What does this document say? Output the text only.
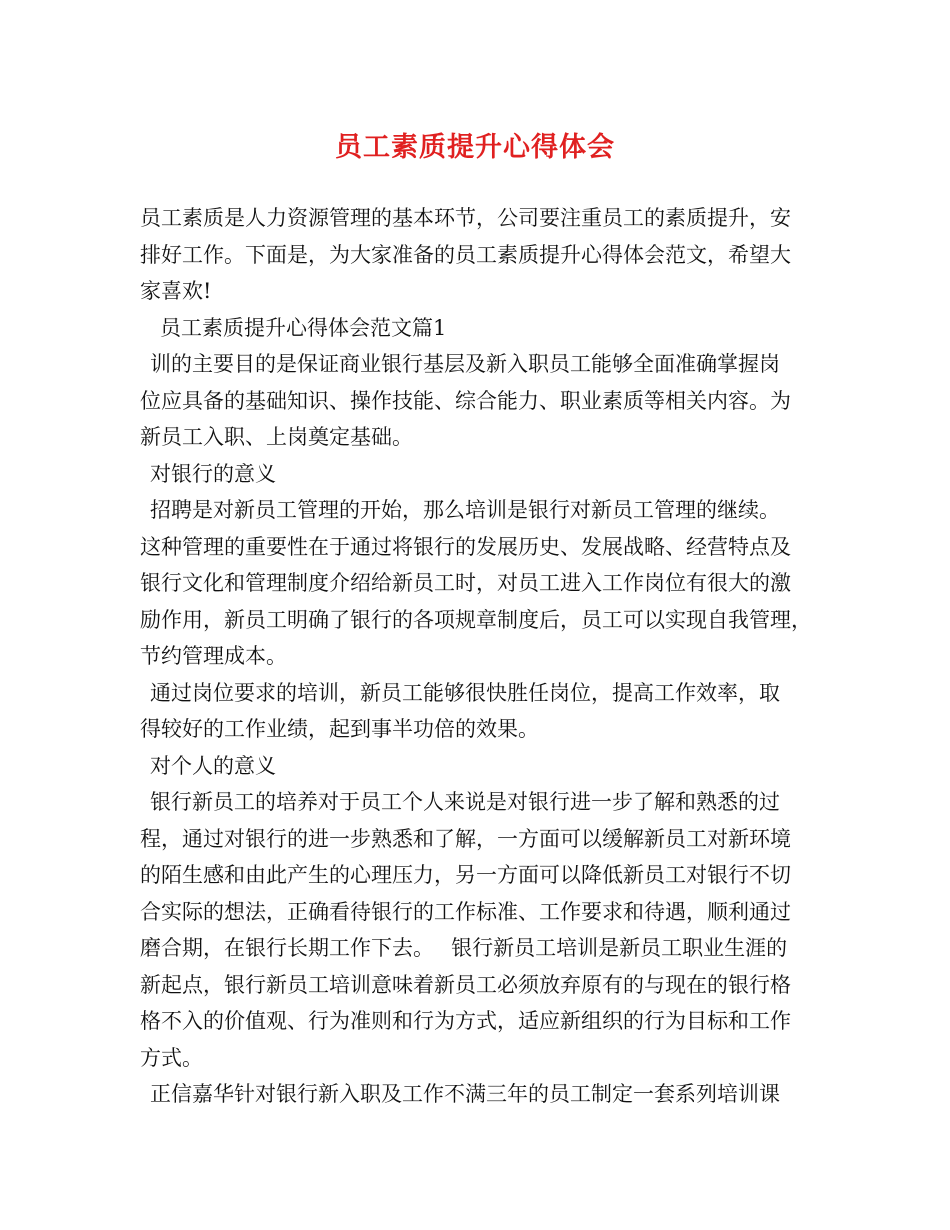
员工素质提升心得体会
员工素质是人力资源管理的基本环节，公司要注重员工的素质提升，安
排好工作。下面是，为大家准备的员工素质提升心得体会范文，希望大
家喜欢!
员工素质提升心得体会范文篇1
训的主要目的是保证商业银行基层及新入职员工能够全面准确掌握岗
位应具备的基础知识、操作技能、综合能力、职业素质等相关内容。为
新员工入职、上岗奠定基础。
对银行的意义
招聘是对新员工管理的开始，那么培训是银行对新员工管理的继续。
这种管理的重要性在于通过将银行的发展历史、发展战略、经营特点及
银行文化和管理制度介绍给新员工时，对员工进入工作岗位有很大的激
励作用，新员工明确了银行的各项规章制度后，员工可以实现自我管理，
节约管理成本。
通过岗位要求的培训，新员工能够很快胜任岗位，提高工作效率，取
得较好的工作业绩，起到事半功倍的效果。
对个人的意义
银行新员工的培养对于员工个人来说是对银行进一步了解和熟悉的过
程，通过对银行的进一步熟悉和了解，一方面可以缓解新员工对新环境
的陌生感和由此产生的心理压力，另一方面可以降低新员工对银行不切
合实际的想法，正确看待银行的工作标准、工作要求和待遇，顺利通过
磨合期，在银行长期工作下去。　 银行新员工培训是新员工职业生涯的
新起点，银行新员工培训意味着新员工必须放弃原有的与现在的银行格
格不入的价值观、行为准则和行为方式，适应新组织的行为目标和工作
方式。
正信嘉华针对银行新入职及工作不满三年的员工制定一套系列培训课
